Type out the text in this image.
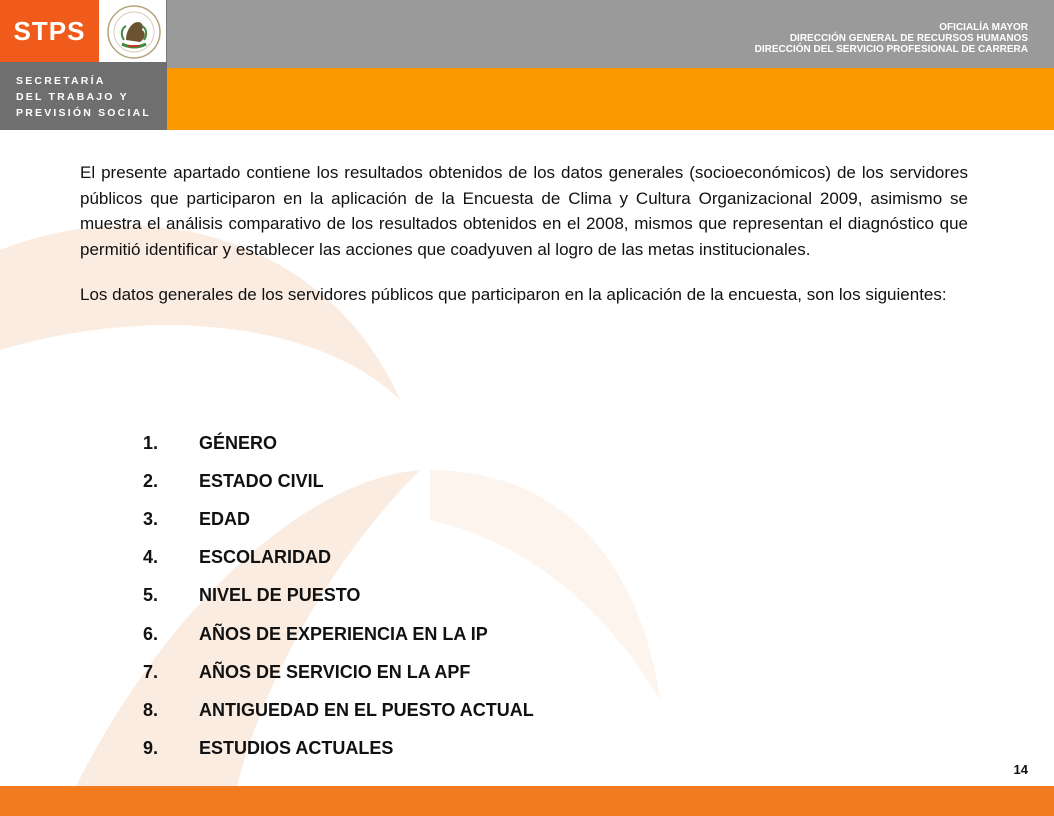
STPS
SECRETARÍA
DEL TRABAJO Y
PREVISIÓN SOCIAL
OFICIALÍA MAYOR
DIRECCIÓN GENERAL DE RECURSOS HUMANOS
DIRECCIÓN DEL SERVICIO PROFESIONAL DE CARRERA

El presente apartado contiene los resultados obtenidos de los datos generales (socioeconómicos) de los servidores públicos que participaron en la aplicación de la Encuesta de Clima y Cultura Organizacional 2009, asimismo se muestra el análisis comparativo de los resultados obtenidos en el 2008, mismos que representan el diagnóstico que permitió identificar y establecer las acciones que coadyuven al logro de las metas institucionales.

Los datos generales de los servidores públicos que participaron en la aplicación de la encuesta, son los siguientes:

1.	GÉNERO
2.	ESTADO CIVIL
3.	EDAD
4.	ESCOLARIDAD
5.	NIVEL DE PUESTO
6.	AÑOS DE EXPERIENCIA EN LA IP
7.	AÑOS DE SERVICIO EN LA APF
8.	ANTIGUEDAD EN EL PUESTO ACTUAL
9.	ESTUDIOS ACTUALES
14
